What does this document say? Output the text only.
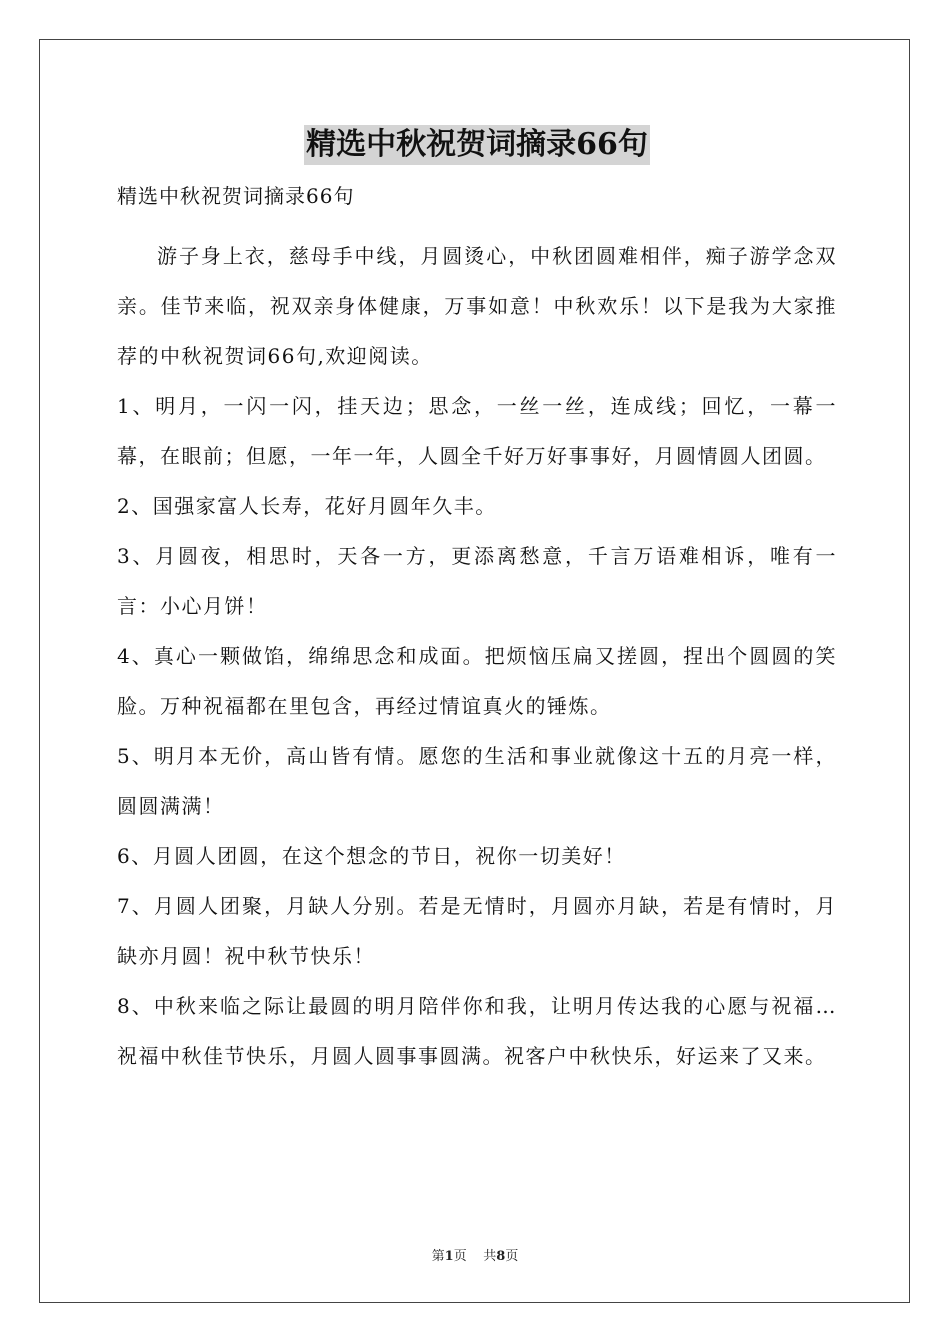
精选中秋祝贺词摘录66句

精选中秋祝贺词摘录66句

游子身上衣，慈母手中线，月圆烫心，中秋团圆难相伴，痴子游学念双亲。佳节来临，祝双亲身体健康，万事如意！中秋欢乐！以下是我为大家推荐的中秋祝贺词66句,欢迎阅读。

1、明月，一闪一闪，挂天边；思念，一丝一丝，连成线；回忆，一幕一幕，在眼前；但愿，一年一年，人圆全千好万好事事好，月圆情圆人团圆。

2、国强家富人长寿，花好月圆年久丰。

3、月圆夜，相思时，天各一方，更添离愁意，千言万语难相诉，唯有一言：小心月饼！

4、真心一颗做馅，绵绵思念和成面。把烦恼压扁又搓圆，捏出个圆圆的笑脸。万种祝福都在里包含，再经过情谊真火的锤炼。

5、明月本无价，高山皆有情。愿您的生活和事业就像这十五的月亮一样，圆圆满满！

6、月圆人团圆，在这个想念的节日，祝你一切美好！

7、月圆人团聚，月缺人分别。若是无情时，月圆亦月缺，若是有情时，月缺亦月圆！祝中秋节快乐！

8、中秋来临之际让最圆的明月陪伴你和我，让明月传达我的心愿与祝福…祝福中秋佳节快乐，月圆人圆事事圆满。祝客户中秋快乐，好运来了又来。

第1页 共8页
